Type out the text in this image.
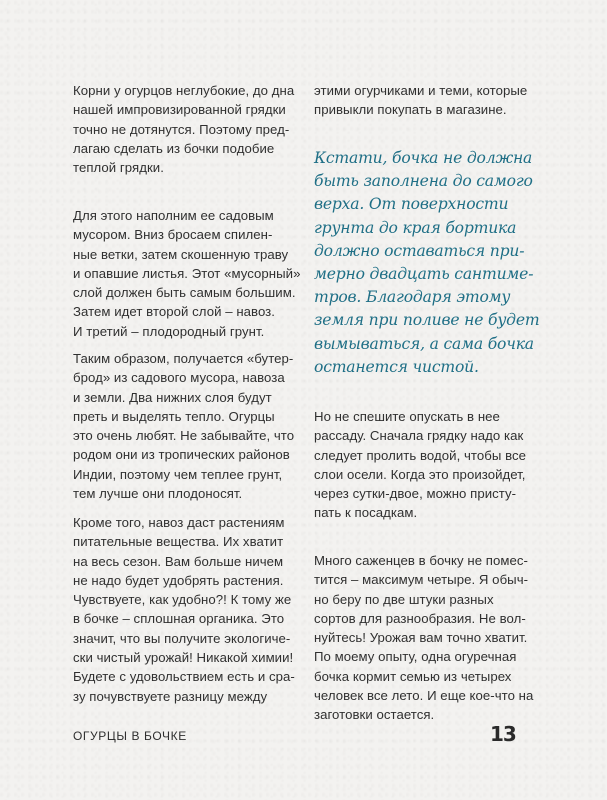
Корни у огурцов неглубокие, до дна
нашей импровизированной грядки
точно не дотянутся. Поэтому пред-
лагаю сделать из бочки подобие
теплой грядки.

Для этого наполним ее садовым
мусором. Вниз бросаем спилен-
ные ветки, затем скошенную траву
и опавшие листья. Этот «мусорный»
слой должен быть самым большим.
Затем идет второй слой – навоз.
И третий – плодородный грунт.

Таким образом, получается «бутер-
брод» из садового мусора, навоза
и земли. Два нижних слоя будут
преть и выделять тепло. Огурцы
это очень любят. Не забывайте, что
родом они из тропических районов
Индии, поэтому чем теплее грунт,
тем лучше они плодоносят.

Кроме того, навоз даст растениям
питательные вещества. Их хватит
на весь сезон. Вам больше ничем
не надо будет удобрять растения.
Чувствуете, как удобно?! К тому же
в бочке – сплошная органика. Это
значит, что вы получите экологиче-
ски чистый урожай! Никакой химии!
Будете с удовольствием есть и сра-
зу почувствуете разницу между

этими огурчиками и теми, которые
привыкли покупать в магазине.

Кстати, бочка не должна
быть заполнена до самого
верха. От поверхности
грунта до края бортика
должно оставаться при-
мерно двадцать сантиме-
тров. Благодаря этому
земля при поливе не будет
вымываться, а сама бочка
останется чистой.

Но не спешите опускать в нее
рассаду. Сначала грядку надо как
следует пролить водой, чтобы все
слои осели. Когда это произойдет,
через сутки-двое, можно присту-
пать к посадкам.

Много саженцев в бочку не помес-
тится – максимум четыре. Я обыч-
но беру по две штуки разных
сортов для разнообразия. Не вол-
нуйтесь! Урожая вам точно хватит.
По моему опыту, одна огуречная
бочка кормит семью из четырех
человек все лето. И еще кое-что на
заготовки остается.

ОГУРЦЫ В БОЧКЕ	13
